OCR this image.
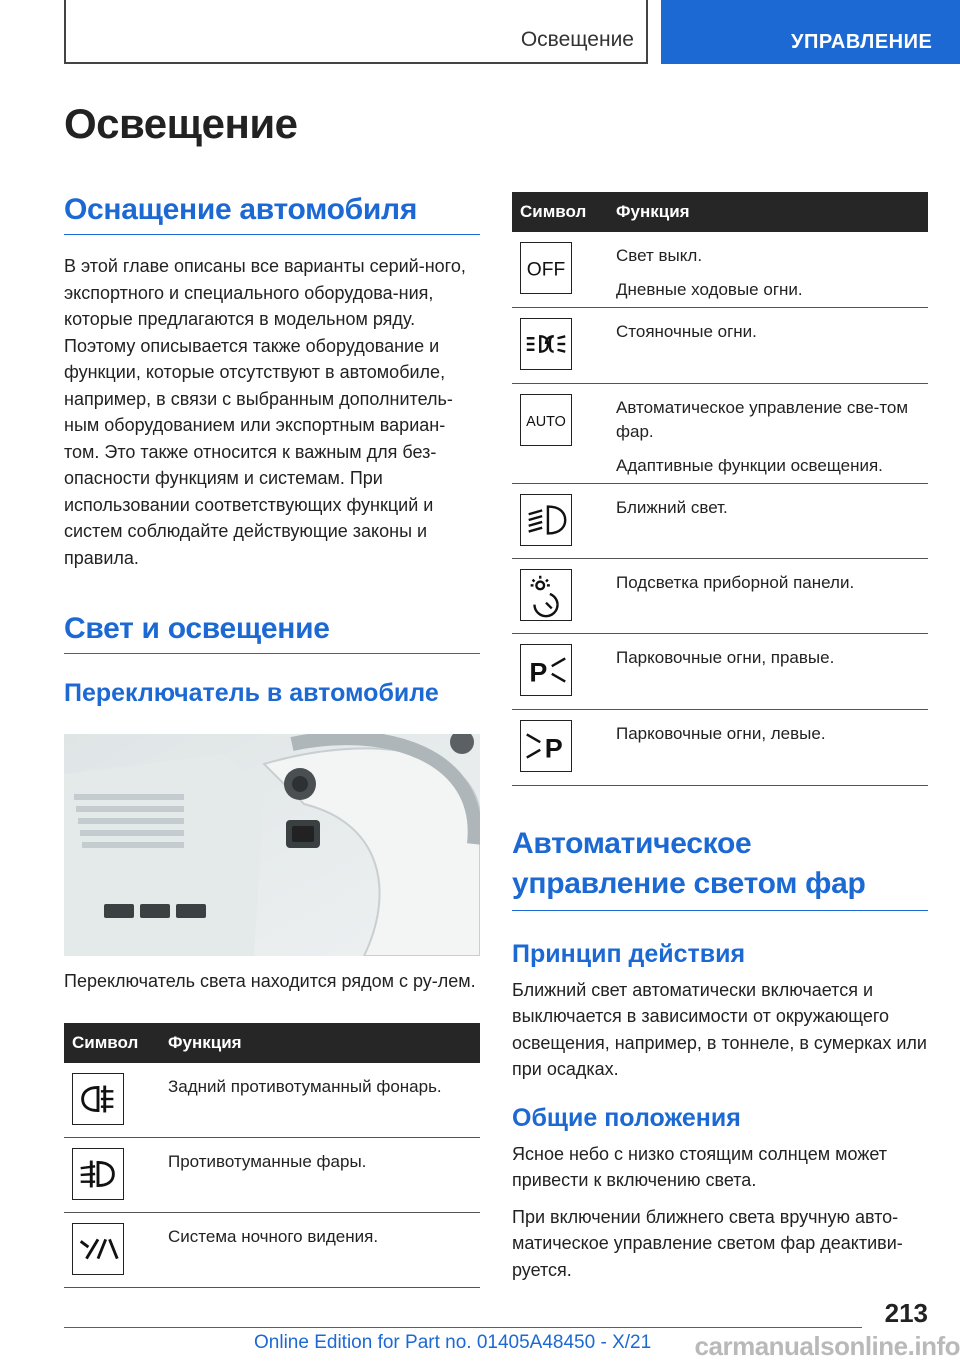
Освещение	УПРАВЛЕНИЕ
Освещение
Оснащение автомобиля

В этой главе описаны все варианты серий-ного, экспортного и специального оборудова-ния, которые предлагаются в модельном ряду. Поэтому описывается также оборудование и функции, которые отсутствуют в автомобиле, например, в связи с выбранным дополнитель-ным оборудованием или экспортным вариан-том. Это также относится к важным для без-опасности функциям и системам. При использовании соответствующих функций и систем соблюдайте действующие законы и правила.

Свет и освещение
Переключатель в автомобиле

Переключатель света находится рядом с ру-лем.

Символ	Функция

Задний противотуманный фонарь.

Противотуманные фары.

Система ночного видения.
Символ	Функция

OFF	Свет выкл.
Дневные ходовые огни.

Стояночные огни.

AUTO	Автоматическое управление све-том фар.
Адаптивные функции освещения.

Ближний свет.

Подсветка приборной панели.

P	Парковочные огни, правые.

P	Парковочные огни, левые.
Автоматическое управление светом фар
Принцип действия

Ближний свет автоматически включается и выключается в зависимости от окружающего освещения, например, в тоннеле, в сумерках или при осадках.

Общие положения

Ясное небо с низко стоящим солнцем может привести к включению света.

При включении ближнего света вручную авто-матическое управление светом фар деактиви-руется.

213
Online Edition for Part no. 01405A48450 - X/21 carmanualsonline.info
